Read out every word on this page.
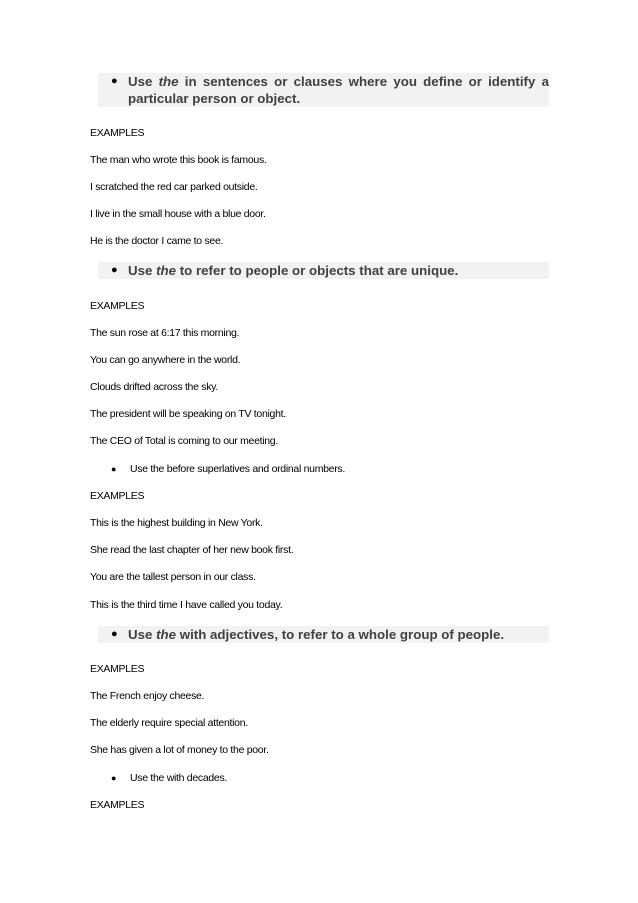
● Use the in sentences or clauses where you define or identify a particular person or object.
EXAMPLES
The man who wrote this book is famous.
I scratched the red car parked outside.
I live in the small house with a blue door.
He is the doctor I came to see.
● Use the to refer to people or objects that are unique.
EXAMPLES
The sun rose at 6:17 this morning.
You can go anywhere in the world.
Clouds drifted across the sky.
The president will be speaking on TV tonight.
The CEO of Total is coming to our meeting.
● Use the before superlatives and ordinal numbers.
EXAMPLES
This is the highest building in New York.
She read the last chapter of her new book first.
You are the tallest person in our class.
This is the third time I have called you today.
● Use the with adjectives, to refer to a whole group of people.
EXAMPLES
The French enjoy cheese.
The elderly require special attention.
She has given a lot of money to the poor.
● Use the with decades.
EXAMPLES
